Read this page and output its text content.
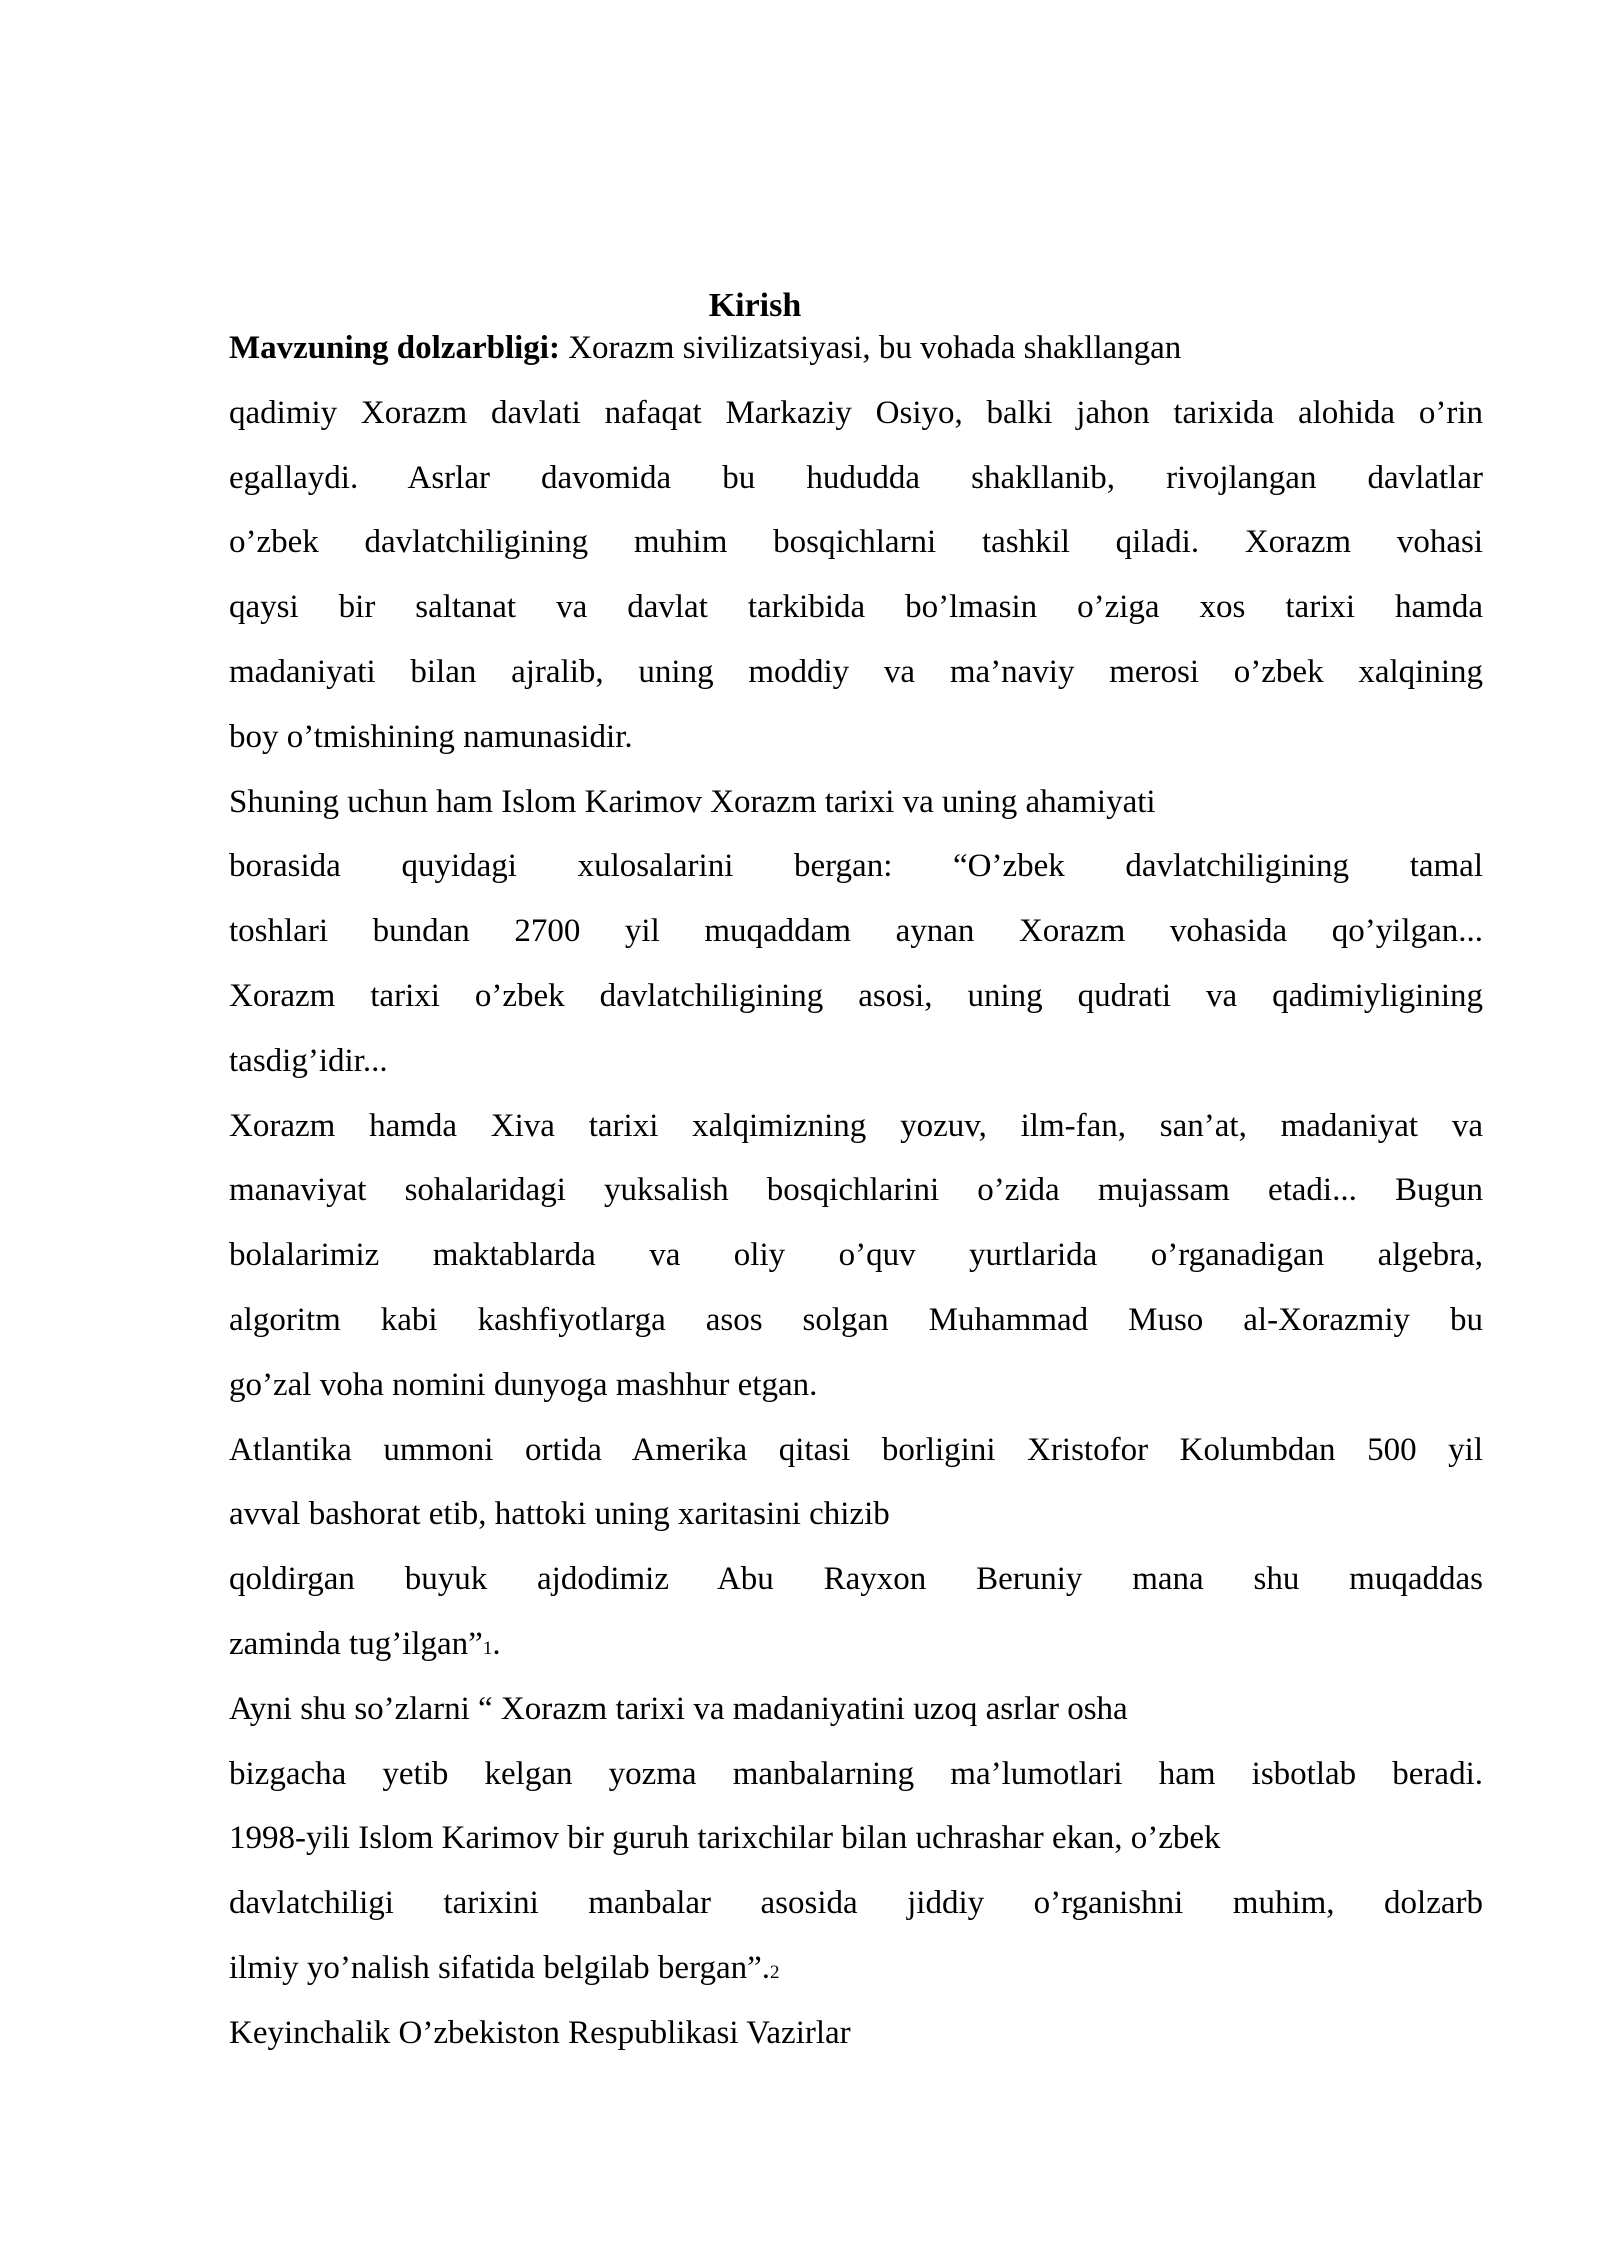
Kirish
Mavzuning dolzarbligi: Xorazm sivilizatsiyasi, bu vohada shakllangan
qadimiy Xorazm davlati nafaqat Markaziy Osiyo, balki jahon tarixida alohida o’rin
egallaydi. Asrlar davomida bu hududda shakllanib, rivojlangan davlatlar
o’zbek davlatchiligining muhim bosqichlarni tashkil qiladi. Xorazm vohasi
qaysi bir saltanat va davlat tarkibida bo’lmasin o’ziga xos tarixi hamda
madaniyati bilan ajralib, uning moddiy va ma’naviy merosi o’zbek xalqining
boy o’tmishining namunasidir.
Shuning uchun ham Islom Karimov Xorazm tarixi va uning ahamiyati
borasida quyidagi xulosalarini bergan: “O’zbek davlatchiligining tamal
toshlari bundan 2700 yil muqaddam aynan Xorazm vohasida qo’yilgan...
Xorazm tarixi o’zbek davlatchiligining asosi, uning qudrati va qadimiyligining
tasdig’idir...
Xorazm hamda Xiva tarixi xalqimizning yozuv, ilm-fan, san’at, madaniyat va
manaviyat sohalaridagi yuksalish bosqichlarini o’zida mujassam etadi... Bugun
bolalarimiz maktablarda va oliy o’quv yurtlarida o’rganadigan algebra,
algoritm kabi kashfiyotlarga asos solgan Muhammad Muso al-Xorazmiy bu
go’zal voha nomini dunyoga mashhur etgan.
Atlantika ummoni ortida Amerika qitasi borligini Xristofor Kolumbdan 500 yil
avval bashorat etib, hattoki uning xaritasini chizib
qoldirgan buyuk ajdodimiz Abu Rayxon Beruniy mana shu muqaddas
zaminda tug’ilgan”1.
Ayni shu so’zlarni “ Xorazm tarixi va madaniyatini uzoq asrlar osha
bizgacha yetib kelgan yozma manbalarning ma’lumotlari ham isbotlab beradi.
1998-yili Islom Karimov bir guruh tarixchilar bilan uchrashar ekan, o’zbek
davlatchiligi tarixini manbalar asosida jiddiy o’rganishni muhim, dolzarb
ilmiy yo’nalish sifatida belgilab bergan”.2
Keyinchalik O’zbekiston Respublikasi Vazirlar
